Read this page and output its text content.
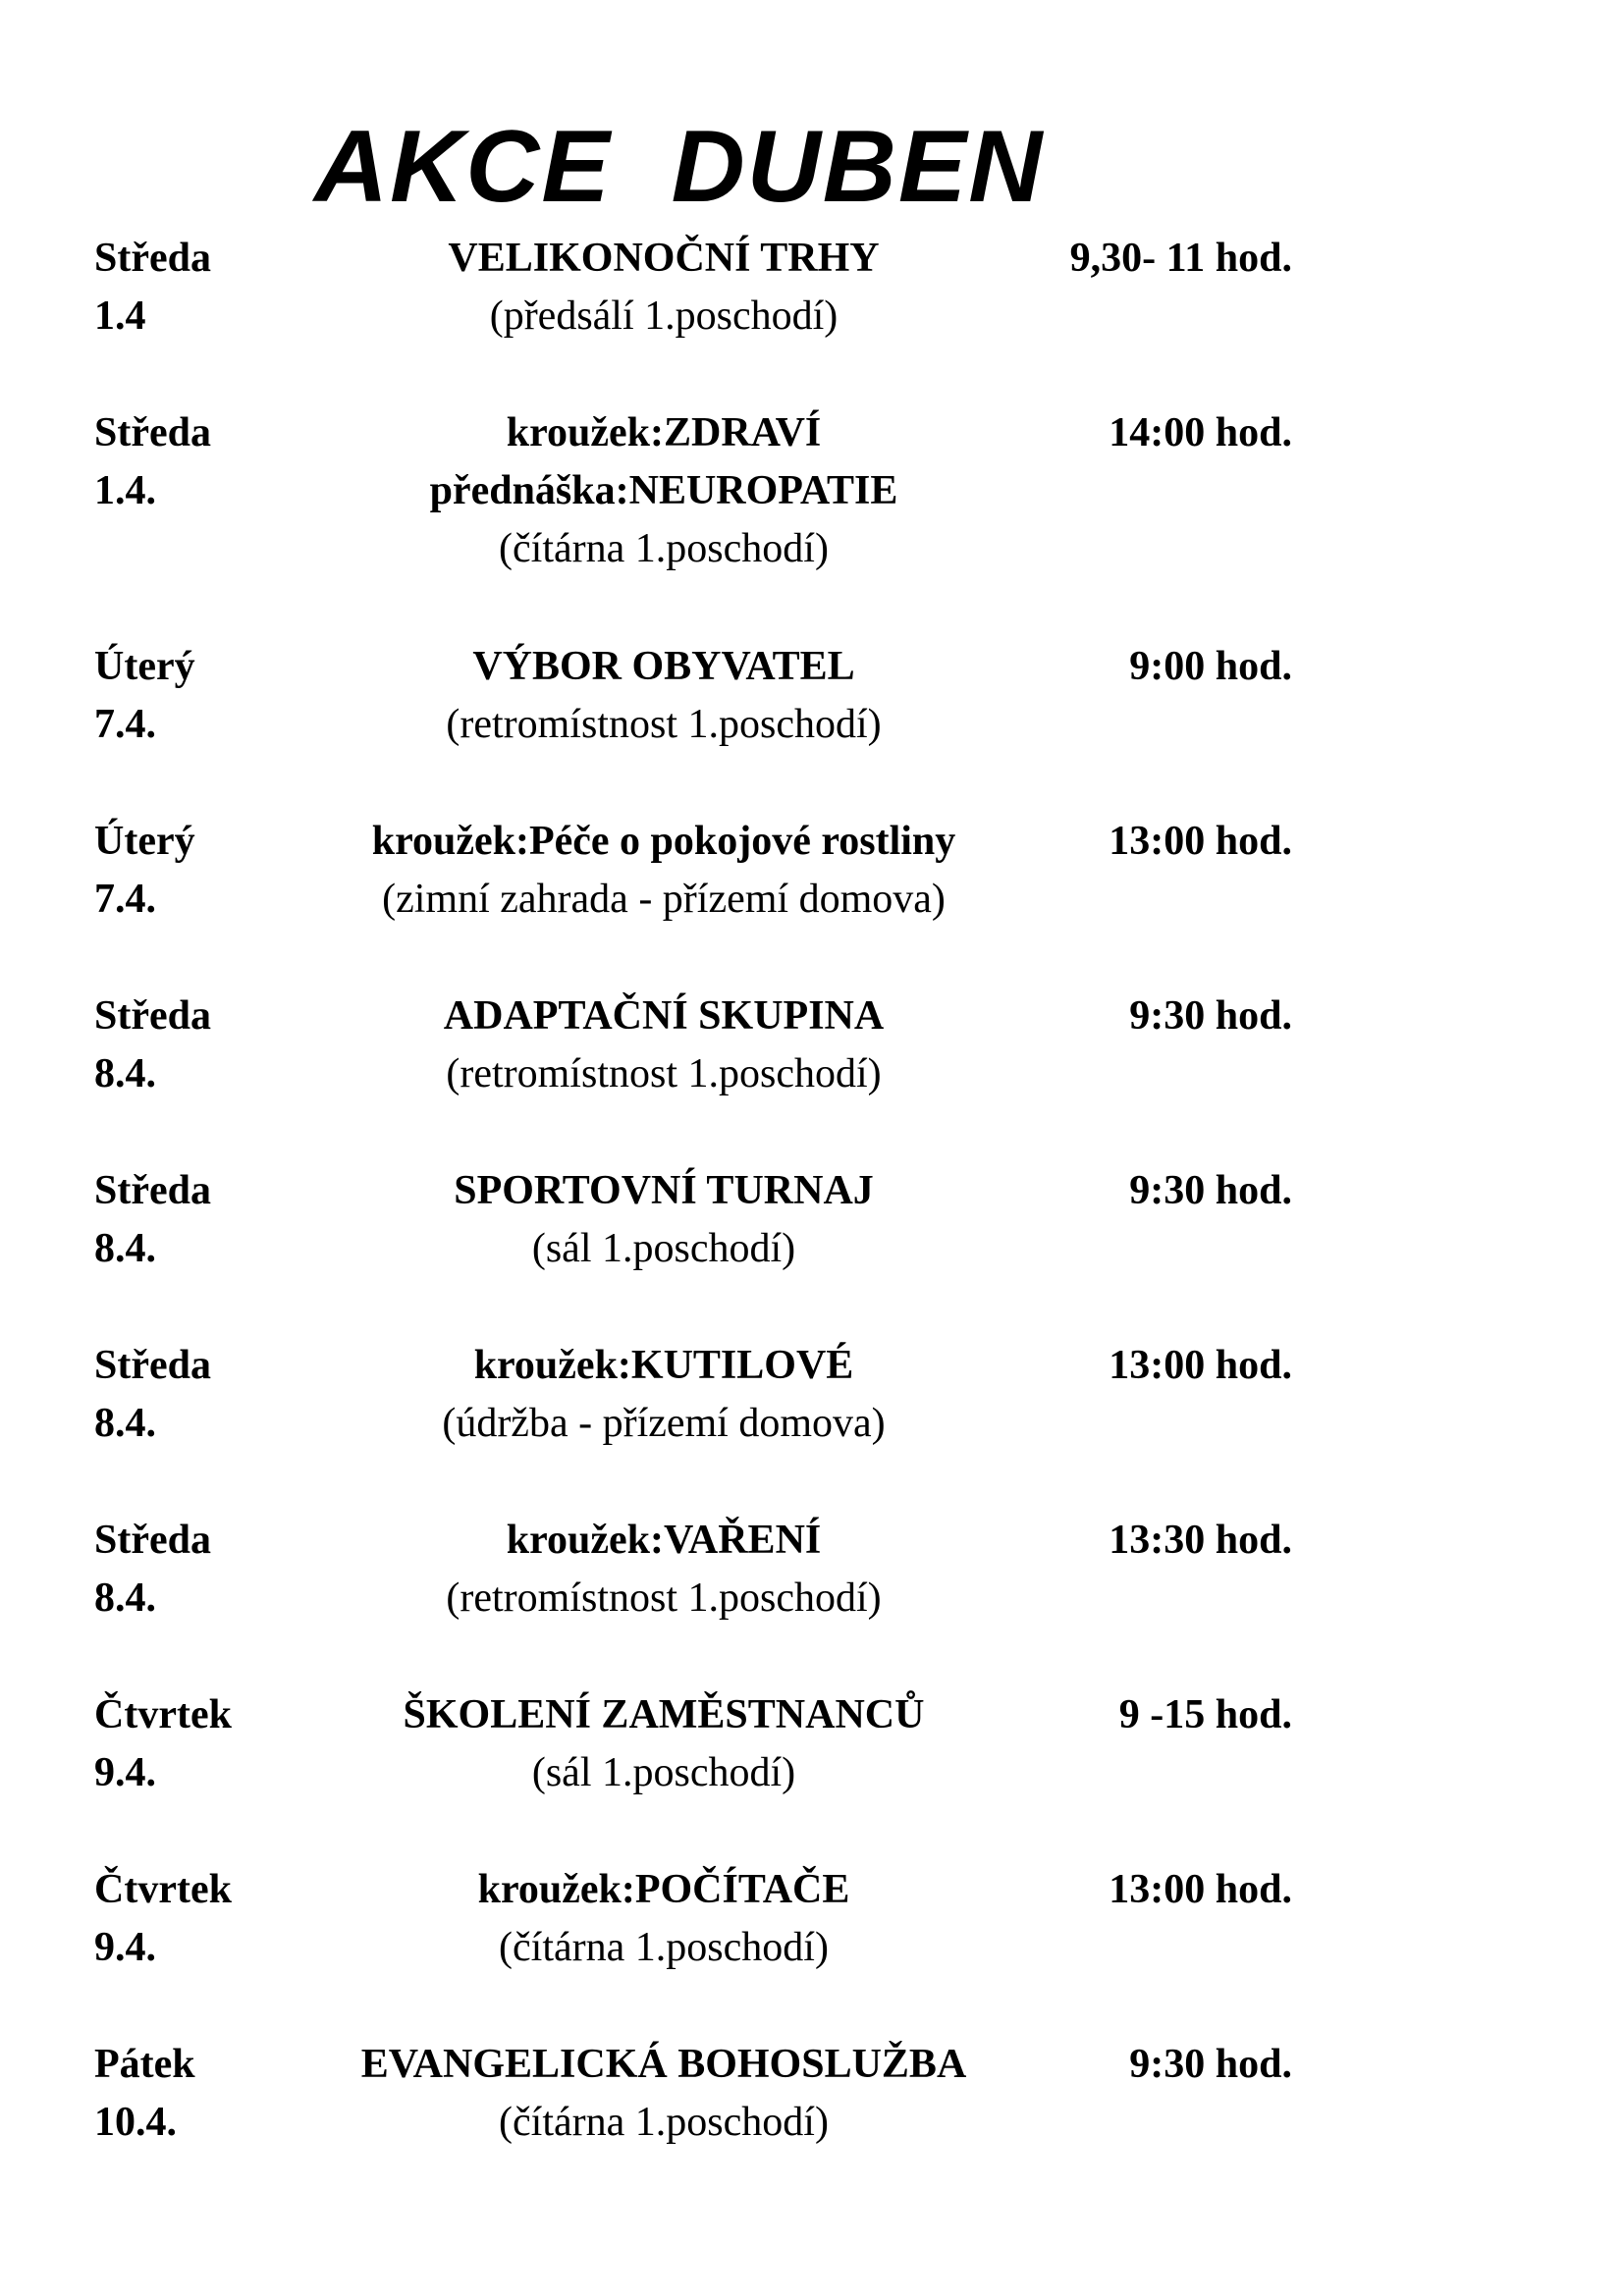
AKCE DUBEN
Středa
1.4
VELIKONOČNÍ TRHY
(předsálí 1.poschodí)
9,30- 11 hod.
Středa
1.4.
kroužek:ZDRAVÍ
přednáška:NEUROPATIE
(čítárna 1.poschodí)
14:00 hod.
Úterý
7.4.
VÝBOR OBYVATEL
(retromístnost 1.poschodí)
9:00 hod.
Úterý
7.4.
kroužek:Péče o pokojové rostliny
(zimní zahrada - přízemí domova)
13:00 hod.
Středa
8.4.
ADAPTAČNÍ SKUPINA
(retromístnost 1.poschodí)
9:30 hod.
Středa
8.4.
SPORTOVNÍ TURNAJ
(sál 1.poschodí)
9:30 hod.
Středa
8.4.
kroužek:KUTILOVÉ
(údržba - přízemí domova)
13:00 hod.
Středa
8.4.
kroužek:VAŘENÍ
(retromístnost 1.poschodí)
13:30 hod.
Čtvrtek
9.4.
ŠKOLENÍ ZAMĚSTNANCŮ
(sál 1.poschodí)
9 -15 hod.
Čtvrtek
9.4.
kroužek:POČÍTAČE
(čítárna 1.poschodí)
13:00 hod.
Pátek
10.4.
EVANGELICKÁ BOHOSLUŽBA
(čítárna 1.poschodí)
9:30 hod.
